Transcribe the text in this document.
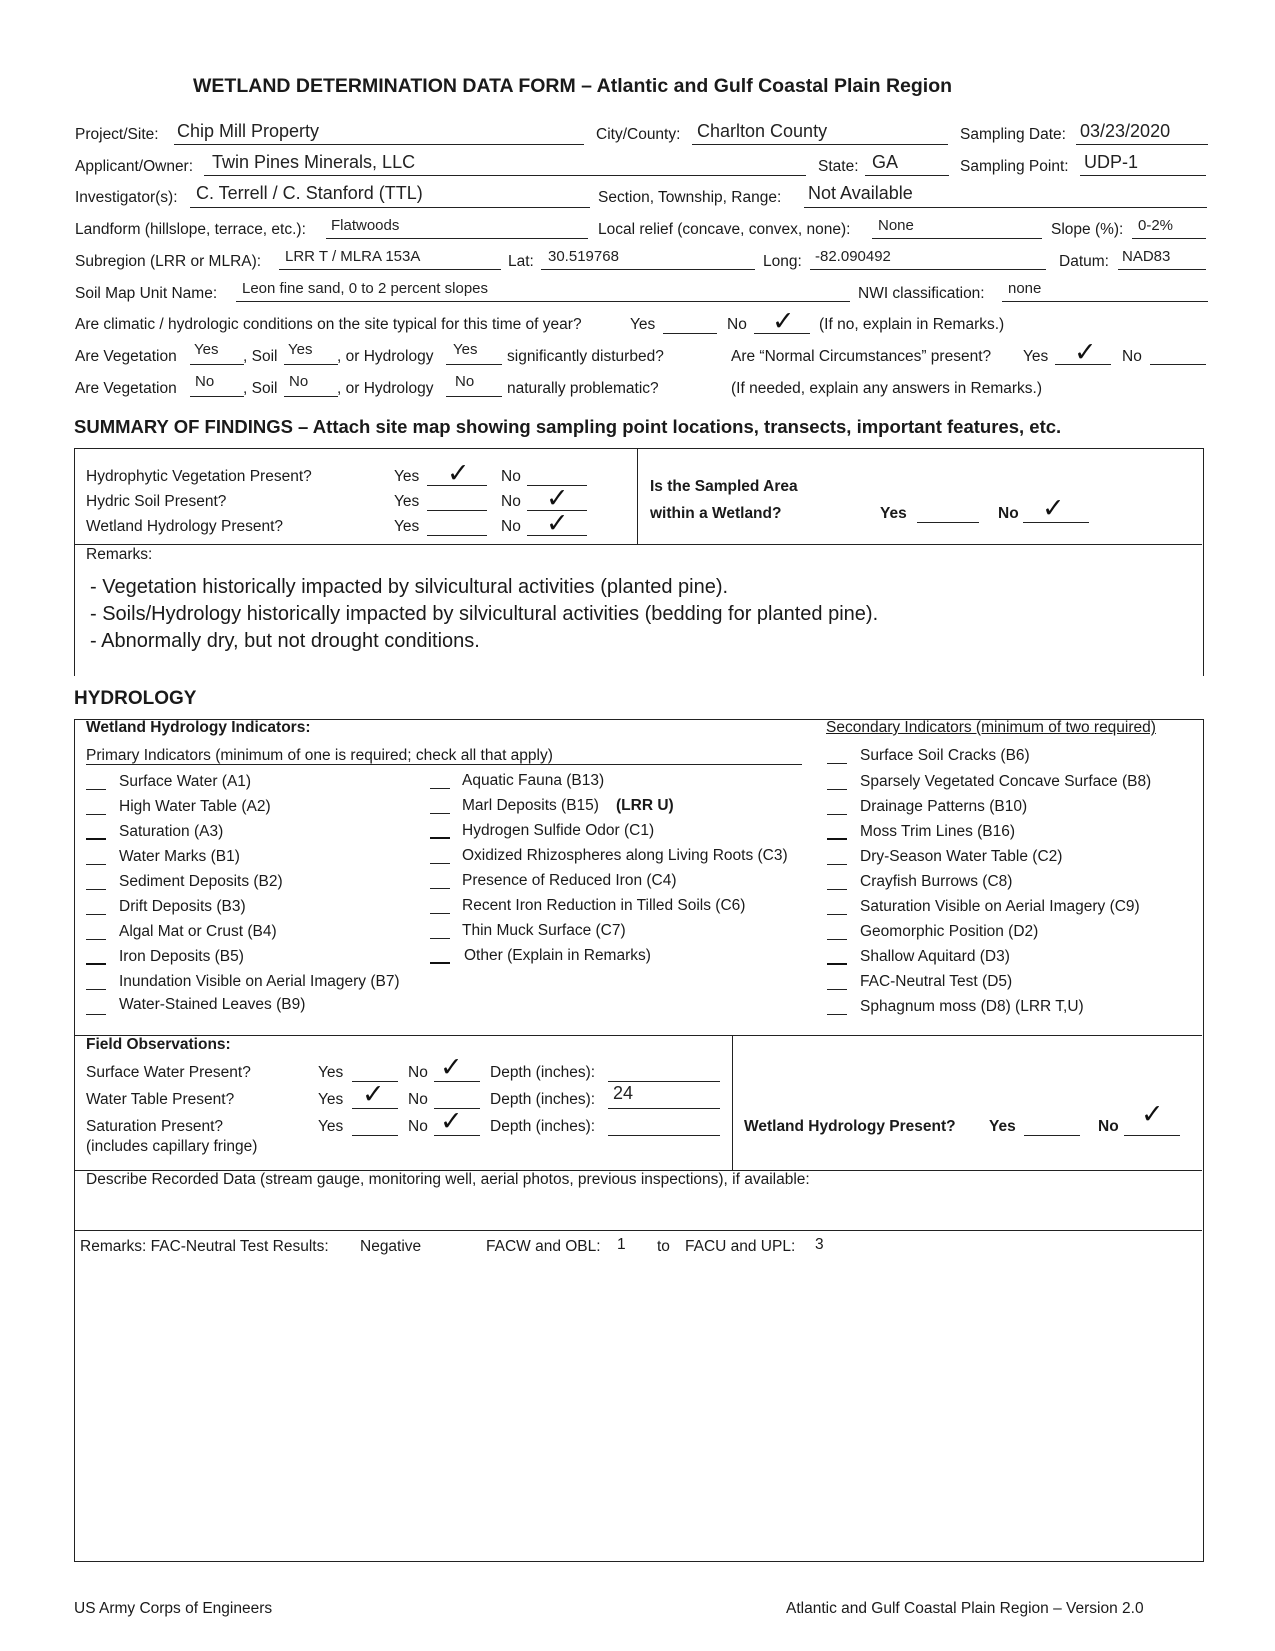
WETLAND DETERMINATION DATA FORM – Atlantic and Gulf Coastal Plain Region
Project/Site: Chip Mill Property	City/County: Charlton County	Sampling Date: 03/23/2020
Applicant/Owner: Twin Pines Minerals, LLC	State: GA	Sampling Point: UDP-1
Investigator(s): C. Terrell / C. Stanford (TTL)	Section, Township, Range: Not Available
Landform (hillslope, terrace, etc.): Flatwoods	Local relief (concave, convex, none): None	Slope (%): 0-2%
Subregion (LRR or MLRA): LRR T / MLRA 153A	Lat: 30.519768	Long: -82.090492	Datum: NAD83
Soil Map Unit Name: Leon fine sand, 0 to 2 percent slopes	NWI classification: none
Are climatic / hydrologic conditions on the site typical for this time of year?	Yes	No ✓ (If no, explain in Remarks.)
Are Vegetation Yes , Soil Yes , or Hydrology Yes significantly disturbed?	Are “Normal Circumstances” present? Yes ✓ No
Are Vegetation No , Soil No , or Hydrology No naturally problematic?	(If needed, explain any answers in Remarks.)
SUMMARY OF FINDINGS – Attach site map showing sampling point locations, transects, important features, etc.
Hydrophytic Vegetation Present?	Yes ✓ No
Hydric Soil Present?	Yes	No ✓
Wetland Hydrology Present?	Yes	No ✓
Is the Sampled Area
within a Wetland?	Yes	No ✓
Remarks:
- Vegetation historically impacted by silvicultural activities (planted pine).
- Soils/Hydrology historically impacted by silvicultural activities (bedding for planted pine).
- Abnormally dry, but not drought conditions.
HYDROLOGY
Wetland Hydrology Indicators:
Primary Indicators (minimum of one is required; check all that apply)
Secondary Indicators (minimum of two required)
Surface Water (A1)
High Water Table (A2)
Saturation (A3)
Water Marks (B1)
Sediment Deposits (B2)
Drift Deposits (B3)
Algal Mat or Crust (B4)
Iron Deposits (B5)
Inundation Visible on Aerial Imagery (B7)
Water-Stained Leaves (B9)
Aquatic Fauna (B13)
Marl Deposits (B15) (LRR U)
Hydrogen Sulfide Odor (C1)
Oxidized Rhizospheres along Living Roots (C3)
Presence of Reduced Iron (C4)
Recent Iron Reduction in Tilled Soils (C6)
Thin Muck Surface (C7)
Other (Explain in Remarks)
Surface Soil Cracks (B6)
Sparsely Vegetated Concave Surface (B8)
Drainage Patterns (B10)
Moss Trim Lines (B16)
Dry-Season Water Table (C2)
Crayfish Burrows (C8)
Saturation Visible on Aerial Imagery (C9)
Geomorphic Position (D2)
Shallow Aquitard (D3)
FAC-Neutral Test (D5)
Sphagnum moss (D8) (LRR T,U)
Field Observations:
Surface Water Present?	Yes	No ✓ Depth (inches):
Water Table Present?	Yes ✓ No	Depth (inches): 24
Saturation Present?
(includes capillary fringe)
Yes	No ✓ Depth (inches):	Wetland Hydrology Present? Yes	No ✓
Describe Recorded Data (stream gauge, monitoring well, aerial photos, previous inspections), if available:
Remarks: FAC-Neutral Test Results: Negative	FACW and OBL: 1 to FACU and UPL: 3
US Army Corps of Engineers	Atlantic and Gulf Coastal Plain Region – Version 2.0
